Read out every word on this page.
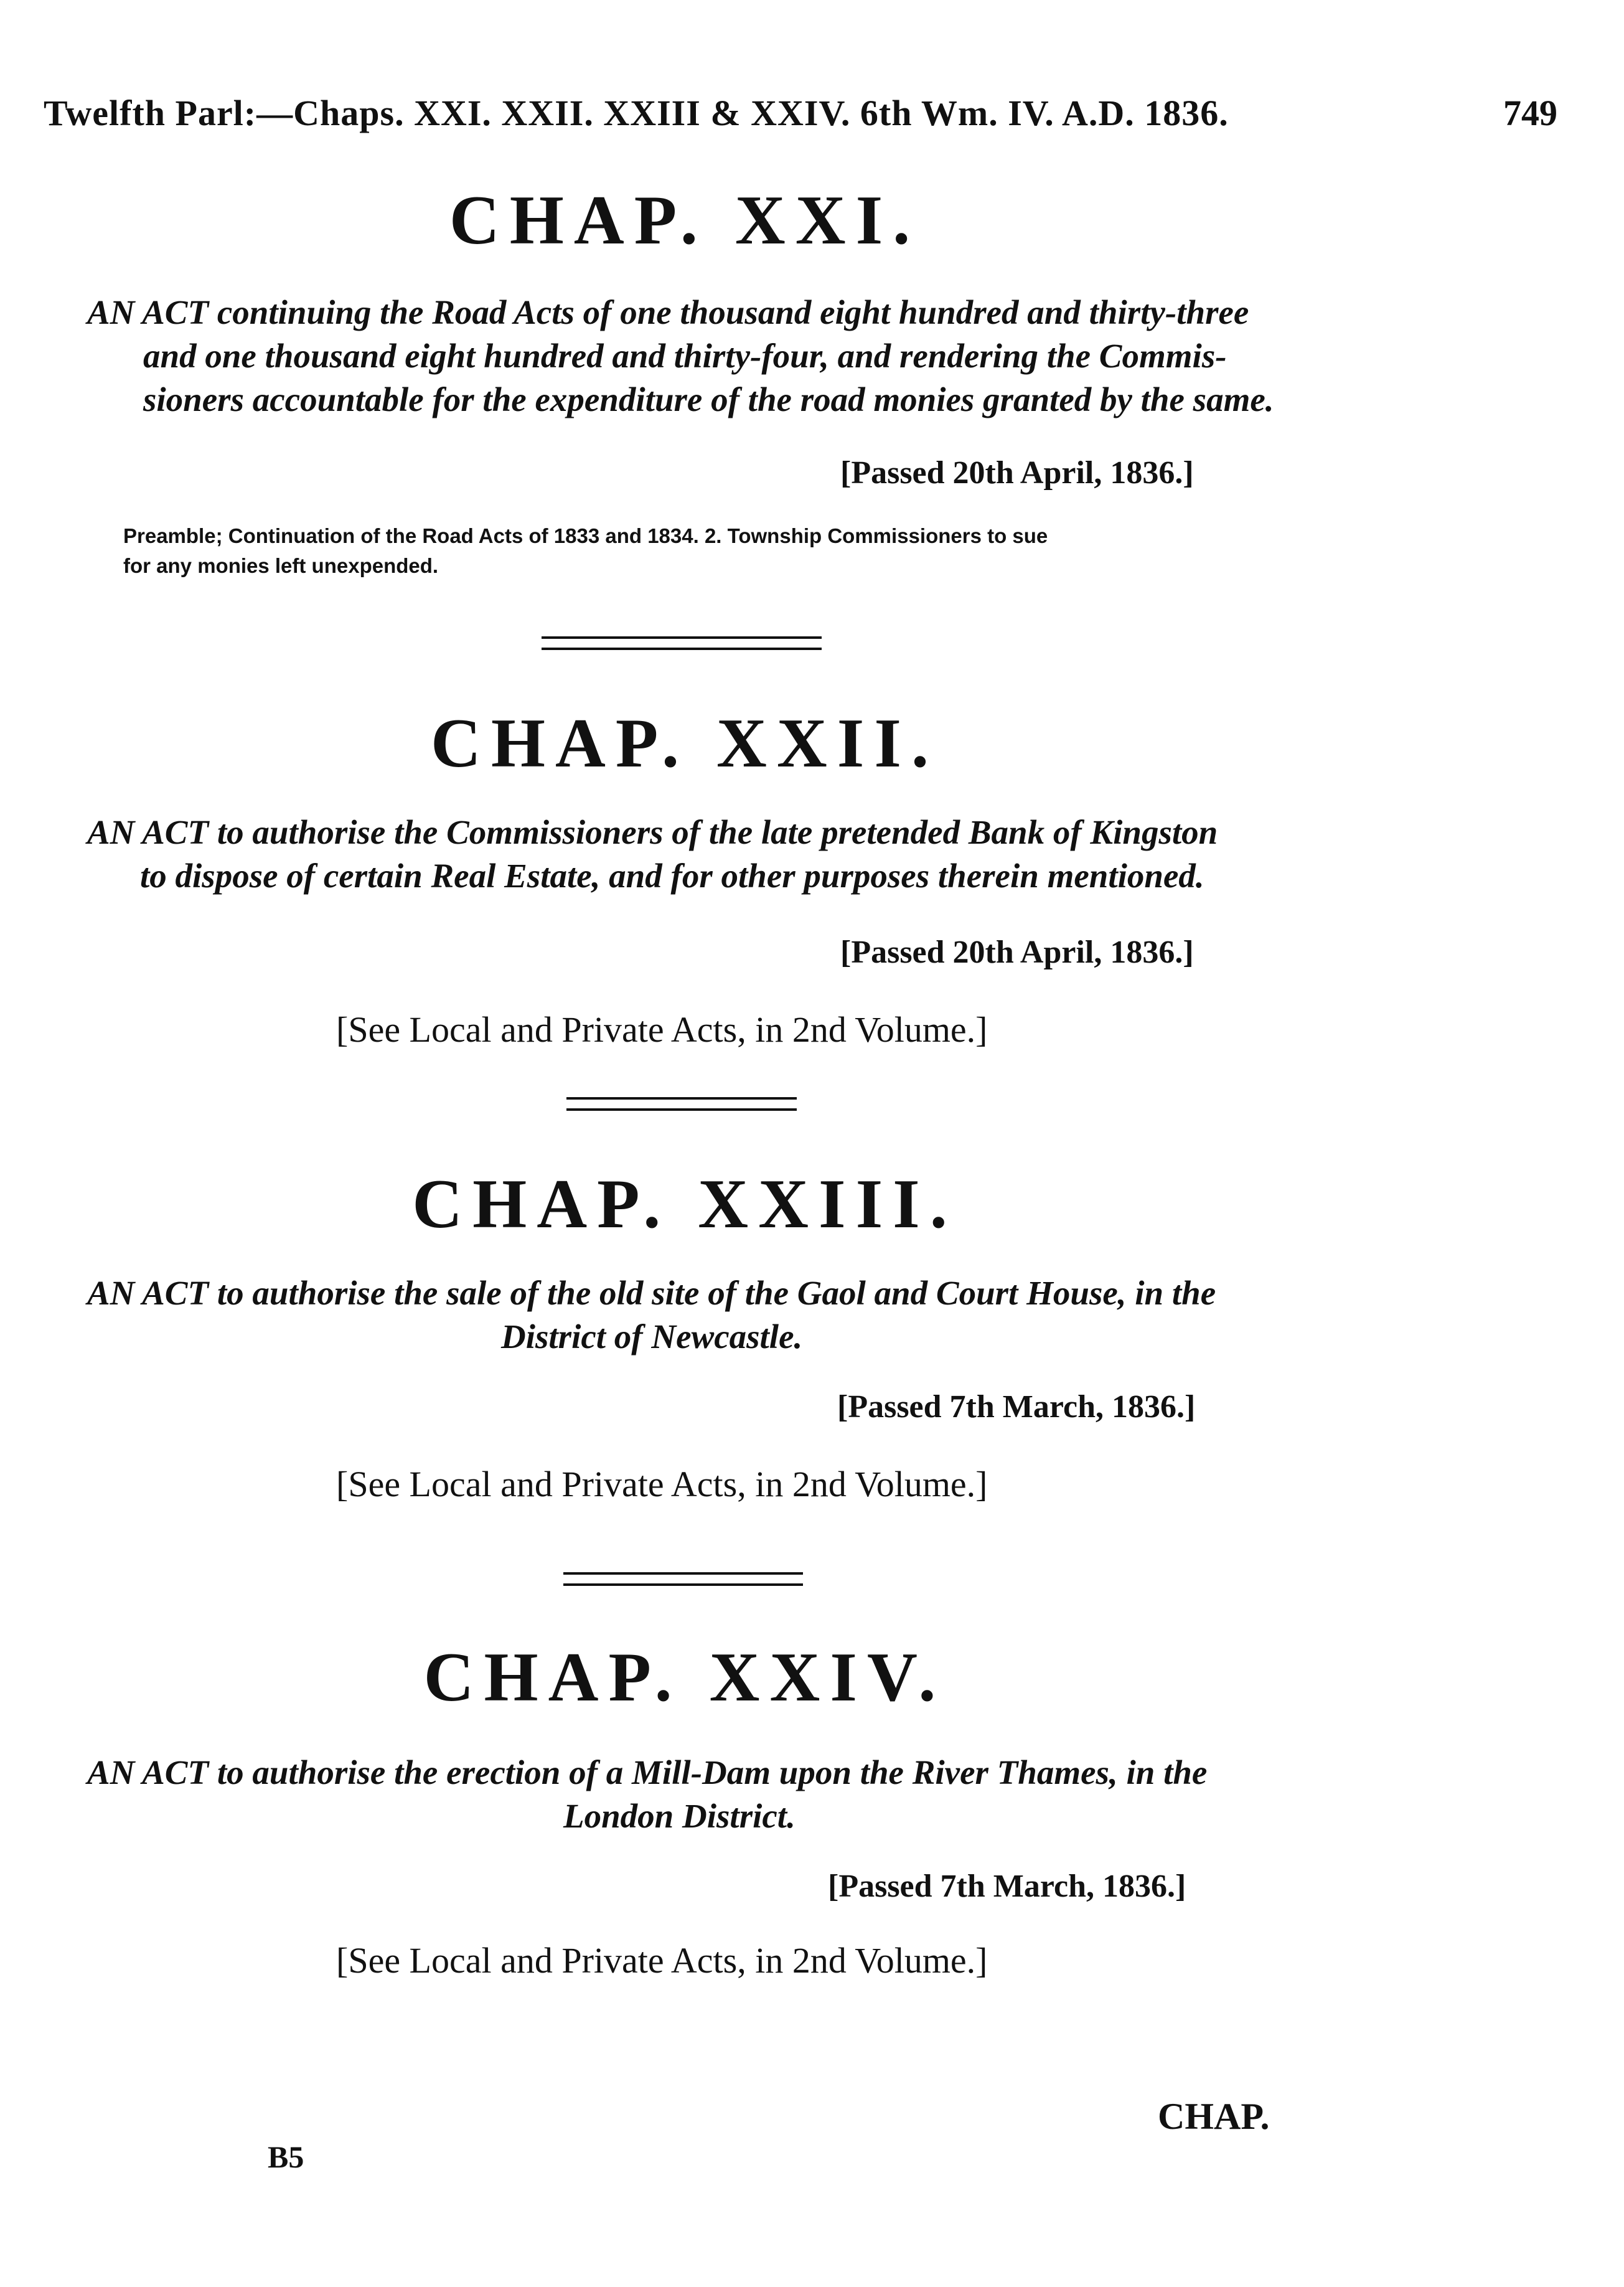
Twelfth Parl:—Chaps. XXI. XXII. XXIII & XXIV. 6th Wm. IV. A.D. 1836.	749
CHAP. XXI.
AN ACT continuing the Road Acts of one thousand eight hundred and thirty-three
and one thousand eight hundred and thirty-four, and rendering the Commis-
sioners accountable for the expenditure of the road monies granted by the same.
[Passed 20th April, 1836.]
Preamble; Continuation of the Road Acts of 1833 and 1834. 2. Township Commissioners to sue
for any monies left unexpended.
CHAP. XXII.
AN ACT to authorise the Commissioners of the late pretended Bank of Kingston
to dispose of certain Real Estate, and for other purposes therein mentioned.
[Passed 20th April, 1836.]
[See Local and Private Acts, in 2nd Volume.]
CHAP. XXIII.
AN ACT to authorise the sale of the old site of the Gaol and Court House, in the
District of Newcastle.
[Passed 7th March, 1836.]
[See Local and Private Acts, in 2nd Volume.]
CHAP. XXIV.
AN ACT to authorise the erection of a Mill-Dam upon the River Thames, in the
London District.
[Passed 7th March, 1836.]
[See Local and Private Acts, in 2nd Volume.]
CHAP.
B5
